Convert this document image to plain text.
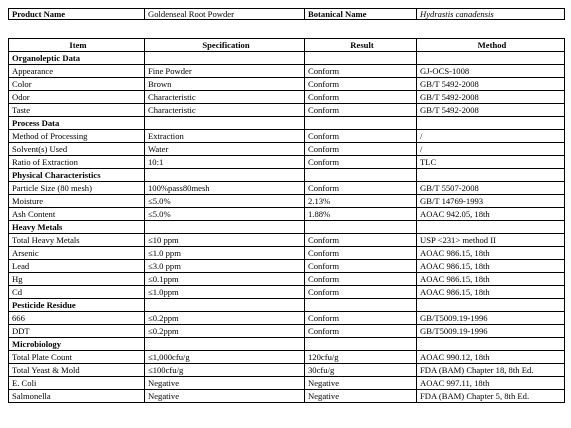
Product Name	Goldenseal Root Powder	Botanical Name	Hydrastis canadensis
Item	Specification	Result	Method
Organoleptic Data			
Appearance	Fine Powder	Conform	GJ-OCS-1008
Color	Brown	Conform	GB/T 5492-2008
Odor	Characteristic	Conform	GB/T 5492-2008
Taste	Characteristic	Conform	GB/T 5492-2008
Process Data			
Method of Processing	Extraction	Conform	/
Solvent(s) Used	Water	Conform	/
Ratio of Extraction	10:1	Conform	TLC
Physical Characteristics			
Particle Size (80 mesh)	100%pass80mesh	Conform	GB/T 5507-2008
Moisture	≤5.0%	2.13%	GB/T 14769-1993
Ash Content	≤5.0%	1.88%	AOAC 942.05, 18th
Heavy Metals			
Total Heavy Metals	≤10 ppm	Conform	USP <231> method II
Arsenic	≤1.0 ppm	Conform	AOAC 986.15, 18th
Lead	≤3.0 ppm	Conform	AOAC 986.15, 18th
Hg	≤0.1ppm	Conform	AOAC 986.15, 18th
Cd	≤1.0ppm	Conform	AOAC 986.15, 18th
Pesticide Residue			
666	≤0.2ppm	Conform	GB/T5009.19-1996
DDT	≤0.2ppm	Conform	GB/T5009.19-1996
Microbiology			
Total Plate Count	≤1,000cfu/g	120cfu/g	AOAC 990.12, 18th
Total Yeast & Mold	≤100cfu/g	30cfu/g	FDA (BAM) Chapter 18, 8th Ed.
E. Coli	Negative	Negative	AOAC 997.11, 18th
Salmonella	Negative	Negative	FDA (BAM) Chapter 5, 8th Ed.
